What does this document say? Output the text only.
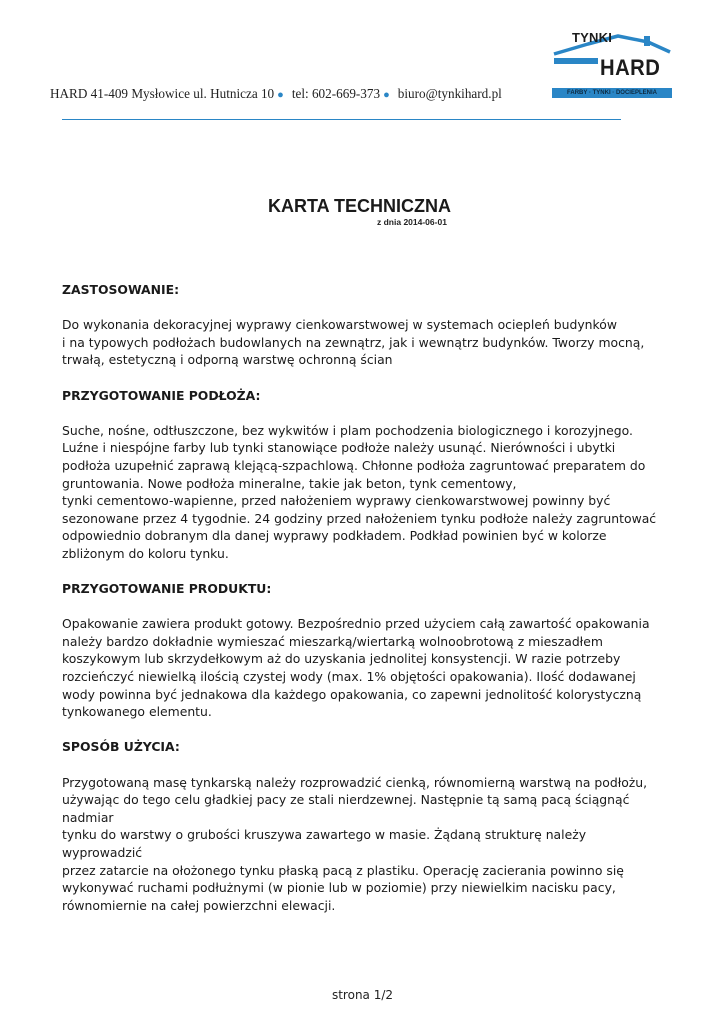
TYNKI
HARD
FARBY · TYNKI · DOCIEPLENIA
HARD 41-409 Mysłowice ul. Hutnicza 10 ● tel: 602-669-373 ● biuro@tynkihard.pl
KARTA TECHNICZNA
z dnia 2014-06-01
ZASTOSOWANIE:

Do wykonania dekoracyjnej wyprawy cienkowarstwowej w systemach ociepleń budynków
i na typowych podłożach budowlanych na zewnątrz, jak i wewnątrz budynków. Tworzy mocną,
trwałą, estetyczną i odporną warstwę ochronną ścian

PRZYGOTOWANIE PODŁOŻA:

Suche, nośne, odtłuszczone, bez wykwitów i plam pochodzenia biologicznego i korozyjnego.
Luźne i niespójne farby lub tynki stanowiące podłoże należy usunąć. Nierówności i ubytki
podłoża uzupełnić zaprawą klejącą-szpachlową. Chłonne podłoża zagruntować preparatem do
gruntowania. Nowe podłoża mineralne, takie jak beton, tynk cementowy,
tynki cementowo-wapienne, przed nałożeniem wyprawy cienkowarstwowej powinny być
sezonowane przez 4 tygodnie. 24 godziny przed nałożeniem tynku podłoże należy zagruntować
odpowiednio dobranym dla danej wyprawy podkładem. Podkład powinien być w kolorze
zbliżonym do koloru tynku.

PRZYGOTOWANIE PRODUKTU:

Opakowanie zawiera produkt gotowy. Bezpośrednio przed użyciem całą zawartość opakowania
należy bardzo dokładnie wymieszać mieszarką/wiertarką wolnoobrotową z mieszadłem
koszykowym lub skrzydełkowym aż do uzyskania jednolitej konsystencji. W razie potrzeby
rozcieńczyć niewielką ilością czystej wody (max. 1% objętości opakowania). Ilość dodawanej
wody powinna być jednakowa dla każdego opakowania, co zapewni jednolitość kolorystyczną
tynkowanego elementu.

SPOSÓB UŻYCIA:

Przygotowaną masę tynkarską należy rozprowadzić cienką, równomierną warstwą na podłożu,
używając do tego celu gładkiej pacy ze stali nierdzewnej. Następnie tą samą pacą ściągnąć nadmiar
tynku do warstwy o grubości kruszywa zawartego w masie. Żądaną strukturę należy wyprowadzić
przez zatarcie na ołożonego tynku płaską pacą z plastiku. Operację zacierania powinno się
wykonywać ruchami podłużnymi (w pionie lub w poziomie) przy niewielkim nacisku pacy,
równomiernie na całej powierzchni elewacji.

strona 1/2
